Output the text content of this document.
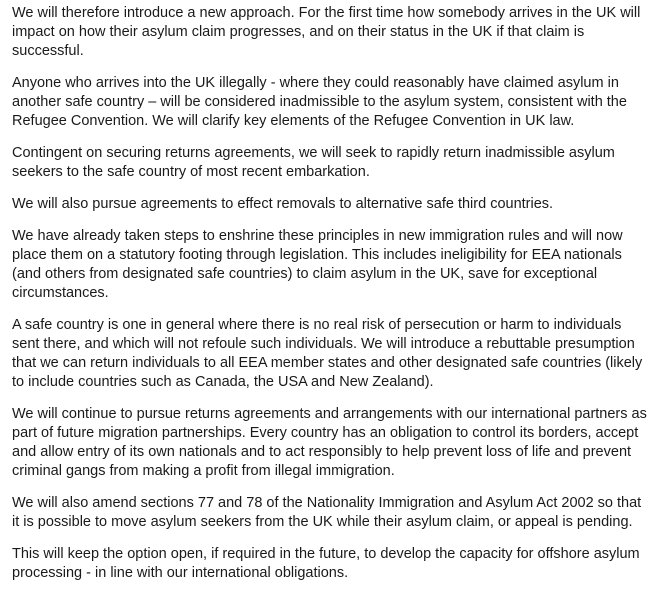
We will therefore introduce a new approach. For the first time how somebody arrives in the UK will impact on how their asylum claim progresses, and on their status in the UK if that claim is successful.

Anyone who arrives into the UK illegally - where they could reasonably have claimed asylum in another safe country – will be considered inadmissible to the asylum system, consistent with the Refugee Convention. We will clarify key elements of the Refugee Convention in UK law.

Contingent on securing returns agreements, we will seek to rapidly return inadmissible asylum seekers to the safe country of most recent embarkation.

We will also pursue agreements to effect removals to alternative safe third countries.

We have already taken steps to enshrine these principles in new immigration rules and will now place them on a statutory footing through legislation. This includes ineligibility for EEA nationals (and others from designated safe countries) to claim asylum in the UK, save for exceptional circumstances.

A safe country is one in general where there is no real risk of persecution or harm to individuals sent there, and which will not refoule such individuals. We will introduce a rebuttable presumption that we can return individuals to all EEA member states and other designated safe countries (likely to include countries such as Canada, the USA and New Zealand).

We will continue to pursue returns agreements and arrangements with our international partners as part of future migration partnerships. Every country has an obligation to control its borders, accept and allow entry of its own nationals and to act responsibly to help prevent loss of life and prevent criminal gangs from making a profit from illegal immigration.

We will also amend sections 77 and 78 of the Nationality Immigration and Asylum Act 2002 so that it is possible to move asylum seekers from the UK while their asylum claim, or appeal is pending.

This will keep the option open, if required in the future, to develop the capacity for offshore asylum processing - in line with our international obligations.
